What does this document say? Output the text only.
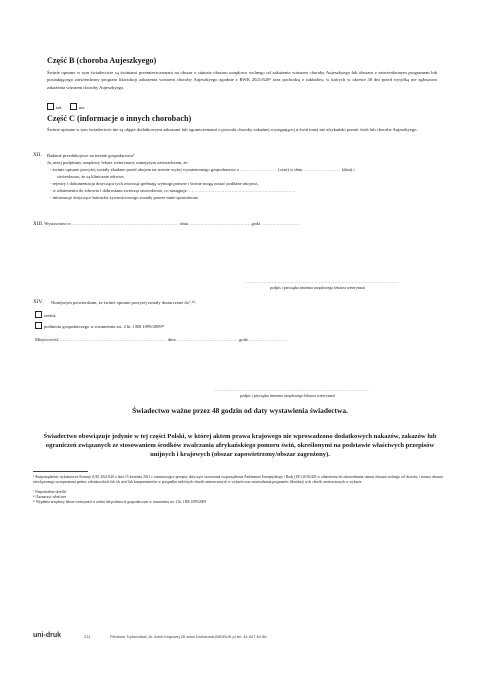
Część B (choroba Aujeszkyego)
Świnie opisane w tym świadectwie są świniami przemieszczanymi na obszar o statusie obszaru urzędowo wolnego od zakażenia wirusem choroby Aujeszkyego lub obszaru z zatwierdzonym programem lub posiadającego zatwierdzony program likwidacji zakażenia wirusem choroby Aujeszkyego zgodnie z RWK 2021/620⁶ oraz pochodzą z zakładów, w których w okresie 30 dni przed wysyłką nie zgłoszono zakażenia wirusem choroby Aujeszkyego.
tak	nie
Część C (informacje o innych chorobach)
Świnie opisane w tym świadectwie nie są objęte dodatkowymi zakazami lub ograniczeniami z powodu choroby zakaźnej występującej u świń innej niż afrykański pomór świń lub choroba Aujeszkyego.
XII. Badanie przedubojowe na terenie gospodarstwa⁷
Ja, niżej podpisany urzędowy lekarz weterynarii, niniejszym zaświadczam, że:
- świnie opisane powyżej zostały zbadane przed ubojem na terenie wyżej wymienionego gospodarstwa o .......................... (czas) w dniu .......................... (data) i
stwierdzono, że są klinicznie zdrowe;
- rejestry i dokumentacja dotycząca tych zwierząt spełniają wymogi prawne i świnie mogą zostać poddane ubojowi,
- w odniesieniu do zdrowia i dobrostanu zwierząt stwierdzono, co następuje: ...........................................................................
- informacje dotyczące łańcucha żywnościowego zostały przeze mnie sprawdzone.
XIII. Wystawiono w ........................................................................... dnia ........................................... godz. ..........................
............................................................................................................
podpis i pieczątka imienna urzędowego lekarza weterynarii
XIV. Niniejszym potwierdzam, że świnie opisane powyżej zostały dostarczone do⁷,¹⁰:
rzeźni;
podmiotu gospodarczego w rozumieniu art. 2 lit. l RR 1099/2009¹¹
Miejscowość ........................................................................... dnia ........................................... godz. ..........................
............................................................................................................
podpis i pieczątka imienna urzędowego lekarza weterynarii
Świadectwo ważne przez 48 godzin od daty wystawienia świadectwa.
Świadectwo obowiązuje jedynie w tej części Polski, w której aktem prawa krajowego nie wprowadzono dodatkowych nakazów, zakazów lub ograniczeń związanych ze stosowaniem środków zwalczania afrykańskiego pomoru świń, określonymi na podstawie właściwych przepisów unijnych i krajowych (obszar zapowietrzony/obszar zagrożony).
⁶ Rozporządzenie wykonawcze Komisji (UE) 2021/620 z dnia 15 kwietnia 2021 r. ustanawiające przepisy dotyczące stosowania rozporządzenia Parlamentu Europejskiego i Rady (UE) 2016/429 w odniesieniu do zatwierdzania statusu obszaru wolnego od choroby i statusu obszaru niewłączonego szczepieniami państw członkowskich lub ich stref lub kompartmentów w przypadku niektórych chorób umieszczonych w wykazie oraz zatwierdzania programów likwidacji tych chorób umieszczonych w wykazie
⁷ Niepotrzebne skreślić
¹⁰ Zaznaczyć właściwe
¹¹ Wypełnia urzędowy lekarz weterynarii w rzeźni lub podmiocie gospodarczym w rozumieniu art. 2 lit. l RR 1099/2009
uni-druk	211	Pieńków Trybunalski, Al. Armii Krajowej 26 www.DrukarniaUNIDRUK.pl tel. 44 647 84 86
